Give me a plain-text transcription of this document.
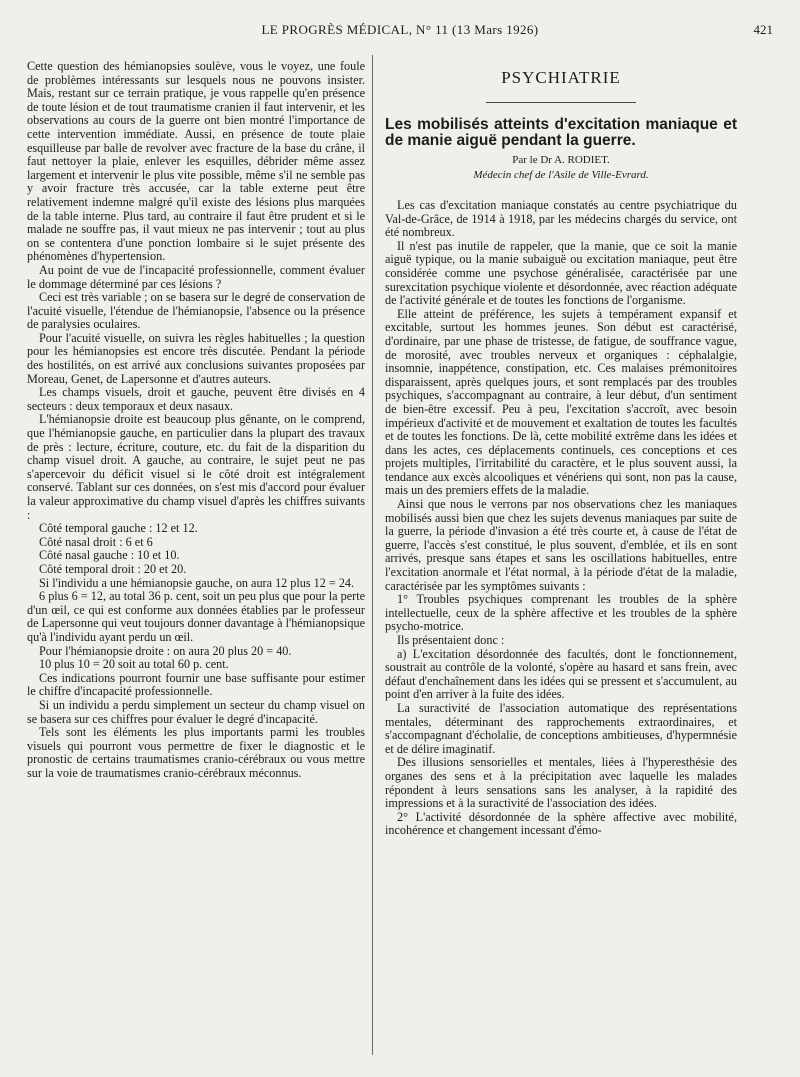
LE PROGRÈS MÉDICAL, N° 11 (13 Mars 1926)	421

Cette question des hémianopsies soulève, vous le voyez, une foule de problèmes intéressants sur lesquels nous ne pouvons insister. Mais, restant sur ce terrain pratique, je vous rappelle qu'en présence de toute lésion et de tout traumatisme cranien il faut intervenir, et les observations au cours de la guerre ont bien montré l'importance de cette intervention immédiate. Aussi, en présence de toute plaie esquilleuse par balle de revolver avec fracture de la base du crâne, il faut nettoyer la plaie, enlever les esquilles, débrider même assez largement et intervenir le plus vite possible, même s'il ne semble pas y avoir fracture très accusée, car la table externe peut être relativement indemne malgré qu'il existe des lésions plus marquées de la table interne. Plus tard, au contraire il faut être prudent et si le malade ne souffre pas, il vaut mieux ne pas intervenir ; tout au plus on se contentera d'une ponction lombaire si le sujet présente des phénomènes d'hypertension.

Au point de vue de l'incapacité professionnelle, comment évaluer le dommage déterminé par ces lésions ?

Ceci est très variable ; on se basera sur le degré de conservation de l'acuité visuelle, l'étendue de l'hémianopsie, l'absence ou la présence de paralysies oculaires.

Pour l'acuité visuelle, on suivra les règles habituelles ; la question pour les hémianopsies est encore très discutée. Pendant la période des hostilités, on est arrivé aux conclusions suivantes proposées par Moreau, Genet, de Lapersonne et d'autres auteurs.

Les champs visuels, droit et gauche, peuvent être divisés en 4 secteurs : deux temporaux et deux nasaux.

L'hémianopsie droite est beaucoup plus gênante, on le comprend, que l'hémianopsie gauche, en particulier dans la plupart des travaux de près : lecture, écriture, couture, etc. du fait de la disparition du champ visuel droit. A gauche, au contraire, le sujet peut ne pas s'apercevoir du déficit visuel si le côté droit est intégralement conservé. Tablant sur ces données, on s'est mis d'accord pour évaluer la valeur approximative du champ visuel d'après les chiffres suivants :

Côté temporal gauche : 12 et 12.

Côté nasal droit : 6 et 6

Côté nasal gauche : 10 et 10.

Côté temporal droit : 20 et 20.

Si l'individu a une hémianopsie gauche, on aura 12 plus 12 = 24.

6 plus 6 = 12, au total 36 p. cent, soit un peu plus que pour la perte d'un œil, ce qui est conforme aux données établies par le professeur de Lapersonne qui veut toujours donner davantage à l'hémianopsique qu'à l'individu ayant perdu un œil.

Pour l'hémianopsie droite : on aura 20 plus 20 = 40.

10 plus 10 = 20 soit au total 60 p. cent.

Ces indications pourront fournir une base suffisante pour estimer le chiffre d'incapacité professionnelle.

Si un individu a perdu simplement un secteur du champ visuel on se basera sur ces chiffres pour évaluer le degré d'incapacité.

Tels sont les éléments les plus importants parmi les troubles visuels qui pourront vous permettre de fixer le diagnostic et le pronostic de certains traumatismes cranio-cérébraux ou vous mettre sur la voie de traumatismes cranio-cérébraux méconnus.

PSYCHIATRIE
Les mobilisés atteints d'excitation maniaque et de manie aiguë pendant la guerre.
Par le Dr A. RODIET.
Médecin chef de l'Asile de Ville-Evrard.

Les cas d'excitation maniaque constatés au centre psychiatrique du Val-de-Grâce, de 1914 à 1918, par les médecins chargés du service, ont été nombreux.

Il n'est pas inutile de rappeler, que la manie, que ce soit la manie aiguë typique, ou la manie subaiguë ou excitation maniaque, peut être considérée comme une psychose généralisée, caractérisée par une surexcitation psychique violente et désordonnée, avec réaction adéquate de l'activité générale et de toutes les fonctions de l'organisme.

Elle atteint de préférence, les sujets à tempérament expansif et excitable, surtout les hommes jeunes. Son début est caractérisé, d'ordinaire, par une phase de tristesse, de fatigue, de souffrance vague, de morosité, avec troubles nerveux et organiques : céphalalgie, insomnie, inappétence, constipation, etc. Ces malaises prémonitoires disparaissent, après quelques jours, et sont remplacés par des troubles psychiques, s'accompagnant au contraire, à leur début, d'un sentiment de bien-être excessif. Peu à peu, l'excitation s'accroît, avec besoin impérieux d'activité et de mouvement et exaltation de toutes les facultés et de toutes les fonctions. De là, cette mobilité extrême dans les idées et dans les actes, ces déplacements continuels, ces conceptions et ces projets multiples, l'irritabilité du caractère, et le plus souvent aussi, la tendance aux excès alcooliques et vénériens qui sont, non pas la cause, mais un des premiers effets de la maladie.

Ainsi que nous le verrons par nos observations chez les maniaques mobilisés aussi bien que chez les sujets devenus maniaques par suite de la guerre, la période d'invasion a été très courte et, à cause de l'état de guerre, l'accès s'est constitué, le plus souvent, d'emblée, et ils en sont arrivés, presque sans étapes et sans les oscillations habituelles, entre l'excitation anormale et l'état normal, à la période d'état de la maladie, caractérisée par les symptômes suivants :

1° Troubles psychiques comprenant les troubles de la sphère intellectuelle, ceux de la sphère affective et les troubles de la sphère psycho-motrice.

Ils présentaient donc :

a) L'excitation désordonnée des facultés, dont le fonctionnement, soustrait au contrôle de la volonté, s'opère au hasard et sans frein, avec défaut d'enchaînement dans les idées qui se pressent et s'accumulent, au point d'en arriver à la fuite des idées.

La suractivité de l'association automatique des représentations mentales, déterminant des rapprochements extraordinaires, et s'accompagnant d'écholalie, de conceptions ambitieuses, d'hypermnésie et de délire imaginatif.

Des illusions sensorielles et mentales, liées à l'hyperesthésie des organes des sens et à la précipitation avec laquelle les malades répondent à leurs sensations sans les analyser, à la rapidité des impressions et à la suractivité de l'association des idées.

2° L'activité désordonnée de la sphère affective avec mobilité, incohérence et changement incessant d'émo-
